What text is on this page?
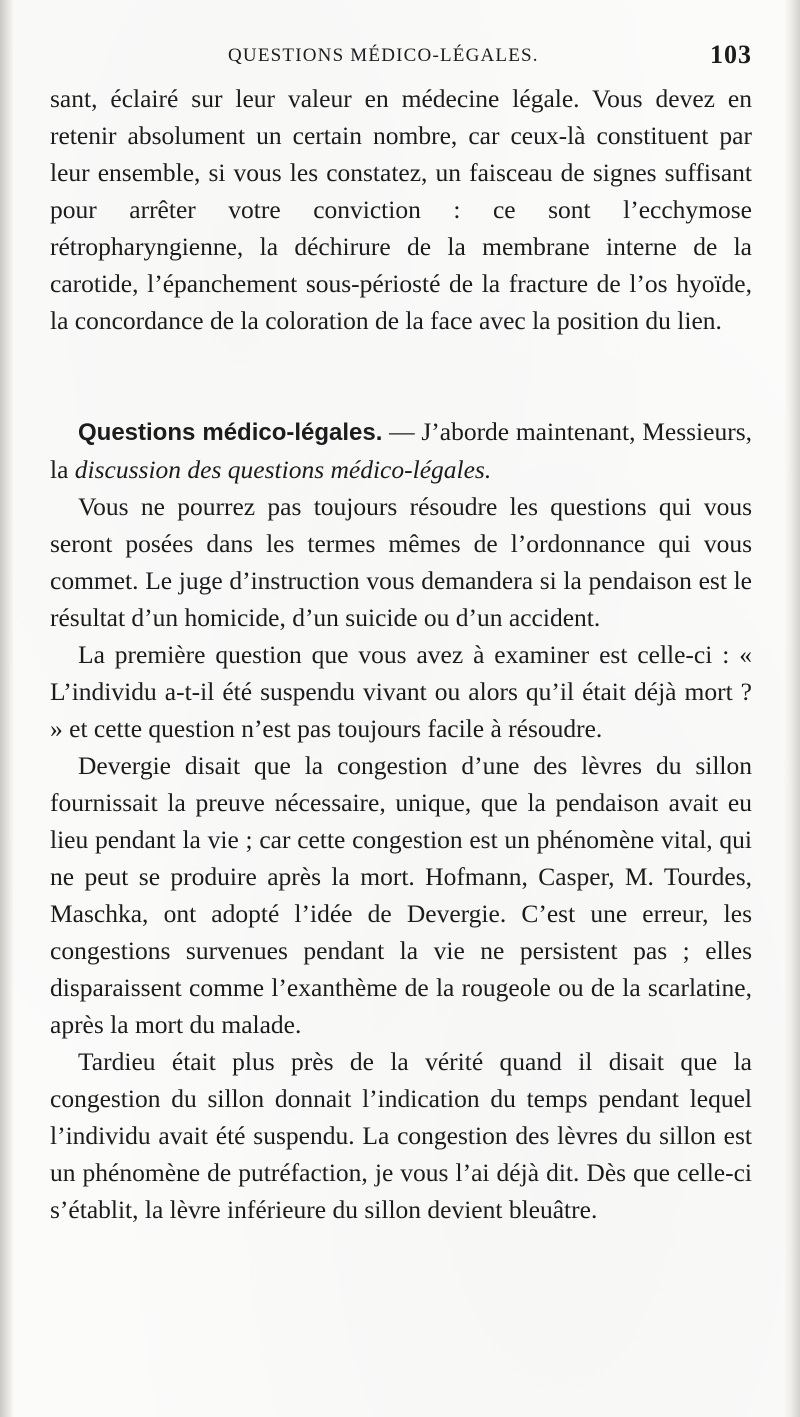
QUESTIONS MÉDICO-LÉGALES.	103

sant, éclairé sur leur valeur en médecine légale. Vous devez en retenir absolument un certain nombre, car ceux-là constituent par leur ensemble, si vous les constatez, un faisceau de signes suffisant pour arrêter votre conviction : ce sont l’ecchymose rétropharyngienne, la déchirure de la membrane interne de la carotide, l’épanchement sous-périosté de la fracture de l’os hyoïde, la concordance de la coloration de la face avec la position du lien.

Questions médico-légales. — J’aborde maintenant, Messieurs, la discussion des questions médico-légales.

Vous ne pourrez pas toujours résoudre les questions qui vous seront posées dans les termes mêmes de l’ordonnance qui vous commet. Le juge d’instruction vous demandera si la pendaison est le résultat d’un homicide, d’un suicide ou d’un accident.

La première question que vous avez à examiner est celle-ci : « L’individu a-t-il été suspendu vivant ou alors qu’il était déjà mort ? » et cette question n’est pas toujours facile à résoudre.

Devergie disait que la congestion d’une des lèvres du sillon fournissait la preuve nécessaire, unique, que la pendaison avait eu lieu pendant la vie ; car cette congestion est un phénomène vital, qui ne peut se produire après la mort. Hofmann, Casper, M. Tourdes, Maschka, ont adopté l’idée de Devergie. C’est une erreur, les congestions survenues pendant la vie ne persistent pas ; elles disparaissent comme l’exanthème de la rougeole ou de la scarlatine, après la mort du malade.

Tardieu était plus près de la vérité quand il disait que la congestion du sillon donnait l’indication du temps pendant lequel l’individu avait été suspendu. La congestion des lèvres du sillon est un phénomène de putréfaction, je vous l’ai déjà dit. Dès que celle-ci s’établit, la lèvre inférieure du sillon devient bleuâtre.
